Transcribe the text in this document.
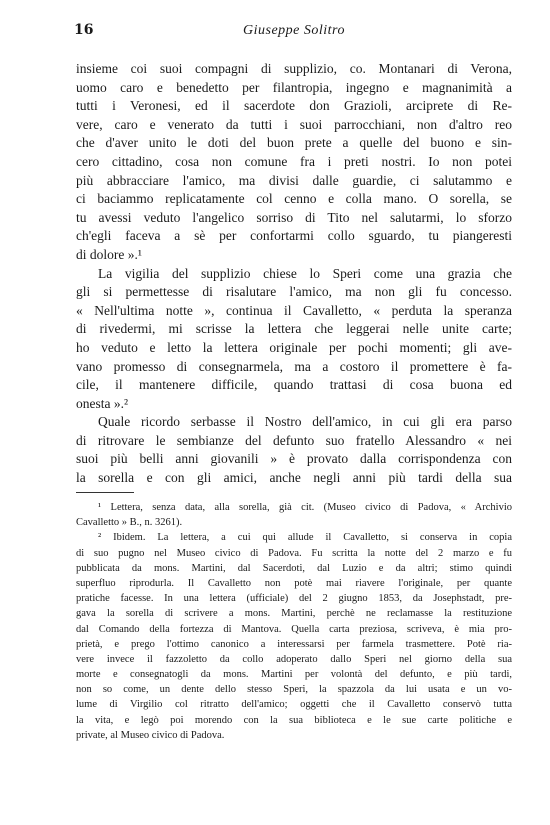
16	Giuseppe Solitro
insieme coi suoi compagni di supplizio, co. Montanari di Verona,
uomo caro e benedetto per filantropia, ingegno e magnanimità a
tutti i Veronesi, ed il sacerdote don Grazioli, arciprete di Re-
vere, caro e venerato da tutti i suoi parrocchiani, non d'altro reo
che d'aver unito le doti del buon prete a quelle del buono e sin-
cero cittadino, cosa non comune fra i preti nostri. Io non potei
più abbracciare l'amico, ma divisi dalle guardie, ci salutammo e
ci baciammo replicatamente col cenno e colla mano. O sorella, se
tu avessi veduto l'angelico sorriso di Tito nel salutarmi, lo sforzo
ch'egli faceva a sè per confortarmi collo sguardo, tu piangeresti
di dolore ».¹
La vigilia del supplizio chiese lo Speri come una grazia che
gli si permettesse di risalutare l'amico, ma non gli fu concesso.
« Nell'ultima notte », continua il Cavalletto, « perduta la speranza
di rivedermi, mi scrisse la lettera che leggerai nelle unite carte;
ho veduto e letto la lettera originale per pochi momenti; gli ave-
vano promesso di consegnarmela, ma a costoro il promettere è fa-
cile, il mantenere difficile, quando trattasi di cosa buona ed
onesta ».²
Quale ricordo serbasse il Nostro dell'amico, in cui gli era parso
di ritrovare le sembianze del defunto suo fratello Alessandro « nei
suoi più belli anni giovanili » è provato dalla corrispondenza con
la sorella e con gli amici, anche negli anni più tardi della sua
¹ Lettera, senza data, alla sorella, già cit. (Museo civico di Padova, « Archivio
Cavalletto » B., n. 3261).
² Ibidem. La lettera, a cui qui allude il Cavalletto, si conserva in copia
di suo pugno nel Museo civico di Padova. Fu scritta la notte del 2 marzo e fu
pubblicata da mons. Martini, dal Sacerdoti, dal Luzio e da altri; stimo quindi
superfluo riprodurla. Il Cavalletto non potè mai riavere l'originale, per quante
pratiche facesse. In una lettera (ufficiale) del 2 giugno 1853, da Josephstadt, pre-
gava la sorella di scrivere a mons. Martini, perchè ne reclamasse la restituzione
dal Comando della fortezza di Mantova. Quella carta preziosa, scriveva, è mia pro-
prietà, e prego l'ottimo canonico a interessarsi per farmela trasmettere. Potè ria-
vere invece il fazzoletto da collo adoperato dallo Speri nel giorno della sua
morte e consegnatogli da mons. Martini per volontà del defunto, e più tardi,
non so come, un dente dello stesso Speri, la spazzola da lui usata e un vo-
lume di Virgilio col ritratto dell'amico; oggetti che il Cavalletto conservò tutta
la vita, e legò poi morendo con la sua biblioteca e le sue carte politiche e
private, al Museo civico di Padova.
